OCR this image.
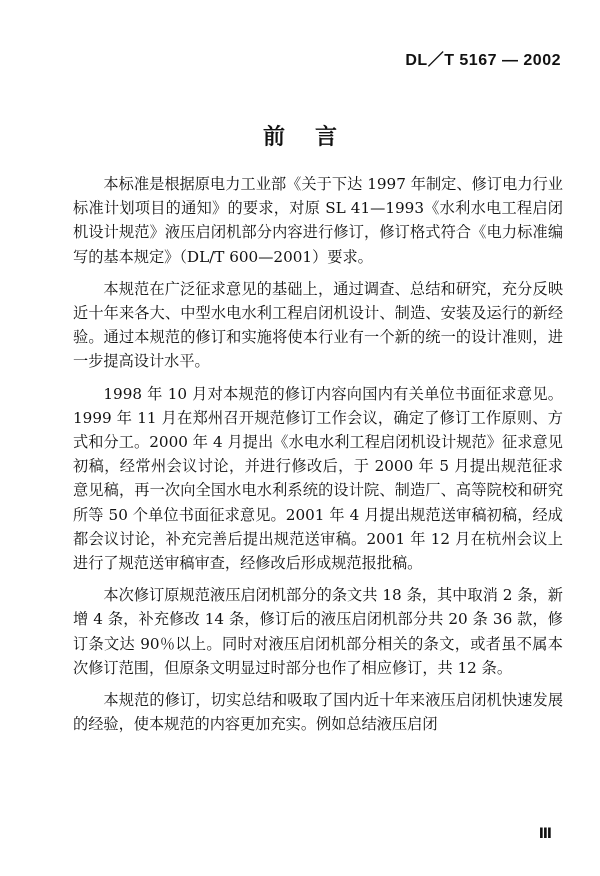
DL／T 5167 — 2002
前言

本标准是根据原电力工业部《关于下达 1997 年制定、修订电力行业标准计划项目的通知》的要求，对原 SL 41—1993《水利水电工程启闭机设计规范》液压启闭机部分内容进行修订，修订格式符合《电力标准编写的基本规定》（DL/T 600—2001）要求。

本规范在广泛征求意见的基础上，通过调查、总结和研究，充分反映近十年来各大、中型水电水利工程启闭机设计、制造、安装及运行的新经验。通过本规范的修订和实施将使本行业有一个新的统一的设计准则，进一步提高设计水平。

1998 年 10 月对本规范的修订内容向国内有关单位书面征求意见。1999 年 11 月在郑州召开规范修订工作会议，确定了修订工作原则、方式和分工。2000 年 4 月提出《水电水利工程启闭机设计规范》征求意见初稿，经常州会议讨论，并进行修改后，于 2000 年 5 月提出规范征求意见稿，再一次向全国水电水利系统的设计院、制造厂、高等院校和研究所等 50 个单位书面征求意见。2001 年 4 月提出规范送审稿初稿，经成都会议讨论，补充完善后提出规范送审稿。2001 年 12 月在杭州会议上进行了规范送审稿审查，经修改后形成规范报批稿。

本次修订原规范液压启闭机部分的条文共 18 条，其中取消 2 条，新增 4 条，补充修改 14 条，修订后的液压启闭机部分共 20 条 36 款，修订条文达 90％以上。同时对液压启闭机部分相关的条文，或者虽不属本次修订范围，但原条文明显过时部分也作了相应修订，共 12 条。

本规范的修订，切实总结和吸取了国内近十年来液压启闭机快速发展的经验，使本规范的内容更加充实。例如总结液压启闭

Ⅲ
